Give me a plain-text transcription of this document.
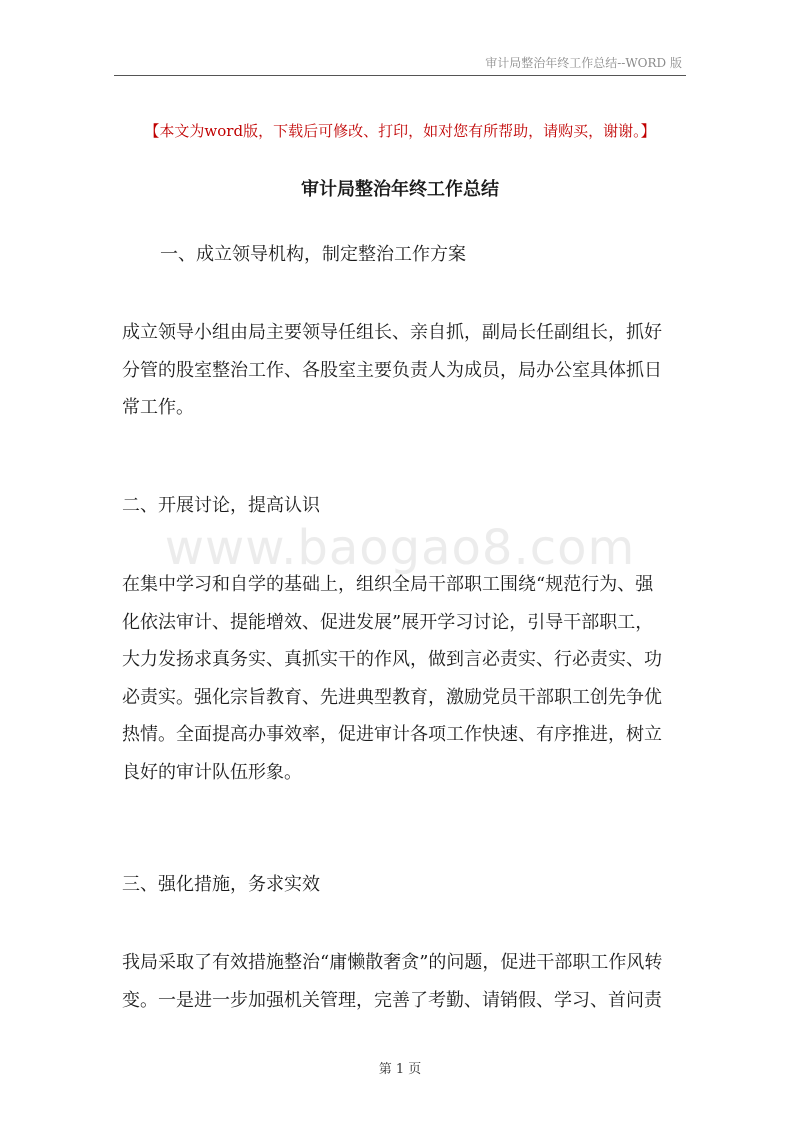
审计局整治年终工作总结--WORD 版
【本文为word版，下载后可修改、打印，如对您有所帮助，请购买，谢谢。】
审计局整治年终工作总结
www.baogao8.com
一、成立领导机构，制定整治工作方案
成立领导小组由局主要领导任组长、亲自抓，副局长任副组长，抓好
分管的股室整治工作、各股室主要负责人为成员，局办公室具体抓日
常工作。
二、开展讨论，提高认识
在集中学习和自学的基础上，组织全局干部职工围绕“规范行为、强
化依法审计、提能增效、促进发展”展开学习讨论，引导干部职工，
大力发扬求真务实、真抓实干的作风，做到言必责实、行必责实、功
必责实。强化宗旨教育、先进典型教育，激励党员干部职工创先争优
热情。全面提高办事效率，促进审计各项工作快速、有序推进，树立
良好的审计队伍形象。
三、强化措施，务求实效
我局采取了有效措施整治“庸懒散奢贪”的问题，促进干部职工作风转
变。一是进一步加强机关管理，完善了考勤、请销假、学习、首问责
第 1 页
